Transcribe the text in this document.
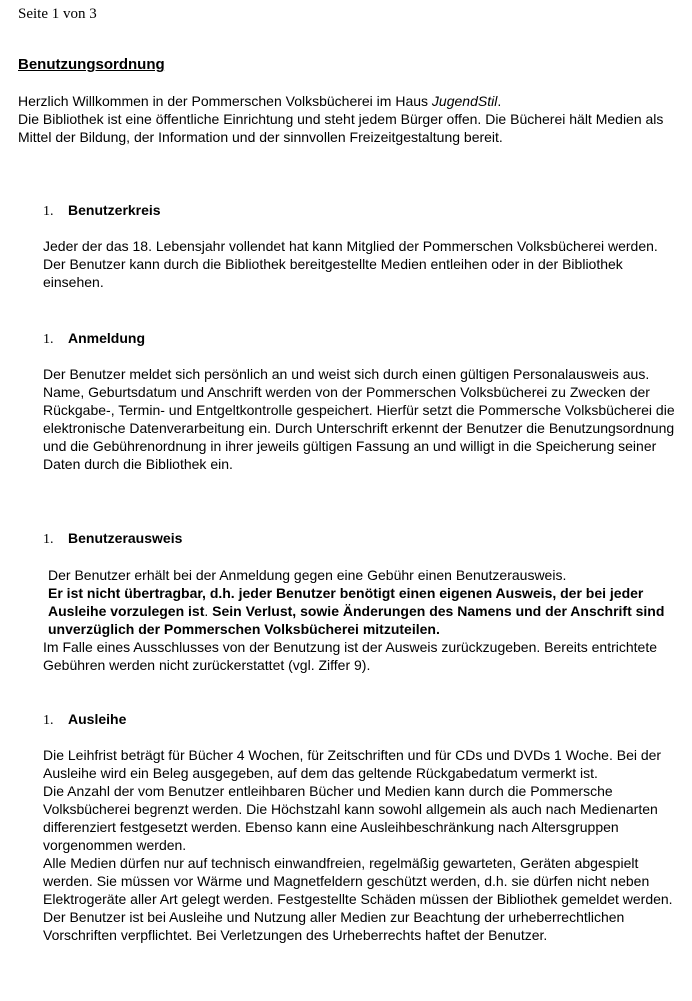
Seite 1 von 3
Benutzungsordnung

Herzlich Willkommen in der Pommerschen Volksbücherei im Haus JugendStil.

Die Bibliothek ist eine öffentliche Einrichtung und steht jedem Bürger offen. Die Bücherei hält Medien als Mittel der Bildung, der Information und der sinnvollen Freizeitgestaltung bereit.

1. Benutzerkreis

Jeder der das 18. Lebensjahr vollendet hat kann Mitglied der Pommerschen Volksbücherei werden. Der Benutzer kann durch die Bibliothek bereitgestellte Medien entleihen oder in der Bibliothek einsehen.

1. Anmeldung

Der Benutzer meldet sich persönlich an und weist sich durch einen gültigen Personalausweis aus. Name, Geburtsdatum und Anschrift werden von der Pommerschen Volksbücherei zu Zwecken der Rückgabe-, Termin- und Entgeltkontrolle gespeichert. Hierfür setzt die Pommersche Volksbücherei die elektronische Datenverarbeitung ein. Durch Unterschrift erkennt der Benutzer die Benutzungsordnung und die Gebührenordnung in ihrer jeweils gültigen Fassung an und willigt in die Speicherung seiner Daten durch die Bibliothek ein.

1. Benutzerausweis

Der Benutzer erhält bei der Anmeldung gegen eine Gebühr einen Benutzerausweis.

Er ist nicht übertragbar, d.h. jeder Benutzer benötigt einen eigenen Ausweis, der bei jeder Ausleihe vorzulegen ist. Sein Verlust, sowie Änderungen des Namens und der Anschrift sind unverzüglich der Pommerschen Volksbücherei mitzuteilen.

Im Falle eines Ausschlusses von der Benutzung ist der Ausweis zurückzugeben. Bereits entrichtete Gebühren werden nicht zurückerstattet (vgl. Ziffer 9).

1. Ausleihe

Die Leihfrist beträgt für Bücher 4 Wochen, für Zeitschriften und für CDs und DVDs 1 Woche. Bei der Ausleihe wird ein Beleg ausgegeben, auf dem das geltende Rückgabedatum vermerkt ist.

Die Anzahl der vom Benutzer entleihbaren Bücher und Medien kann durch die Pommersche Volksbücherei begrenzt werden. Die Höchstzahl kann sowohl allgemein als auch nach Medienarten differenziert festgesetzt werden. Ebenso kann eine Ausleihbeschränkung nach Altersgruppen vorgenommen werden.

Alle Medien dürfen nur auf technisch einwandfreien, regelmäßig gewarteten, Geräten abgespielt werden. Sie müssen vor Wärme und Magnetfeldern geschützt werden, d.h. sie dürfen nicht neben Elektrogeräte aller Art gelegt werden. Festgestellte Schäden müssen der Bibliothek gemeldet werden.

Der Benutzer ist bei Ausleihe und Nutzung aller Medien zur Beachtung der urheberrechtlichen Vorschriften verpflichtet. Bei Verletzungen des Urheberrechts haftet der Benutzer.
